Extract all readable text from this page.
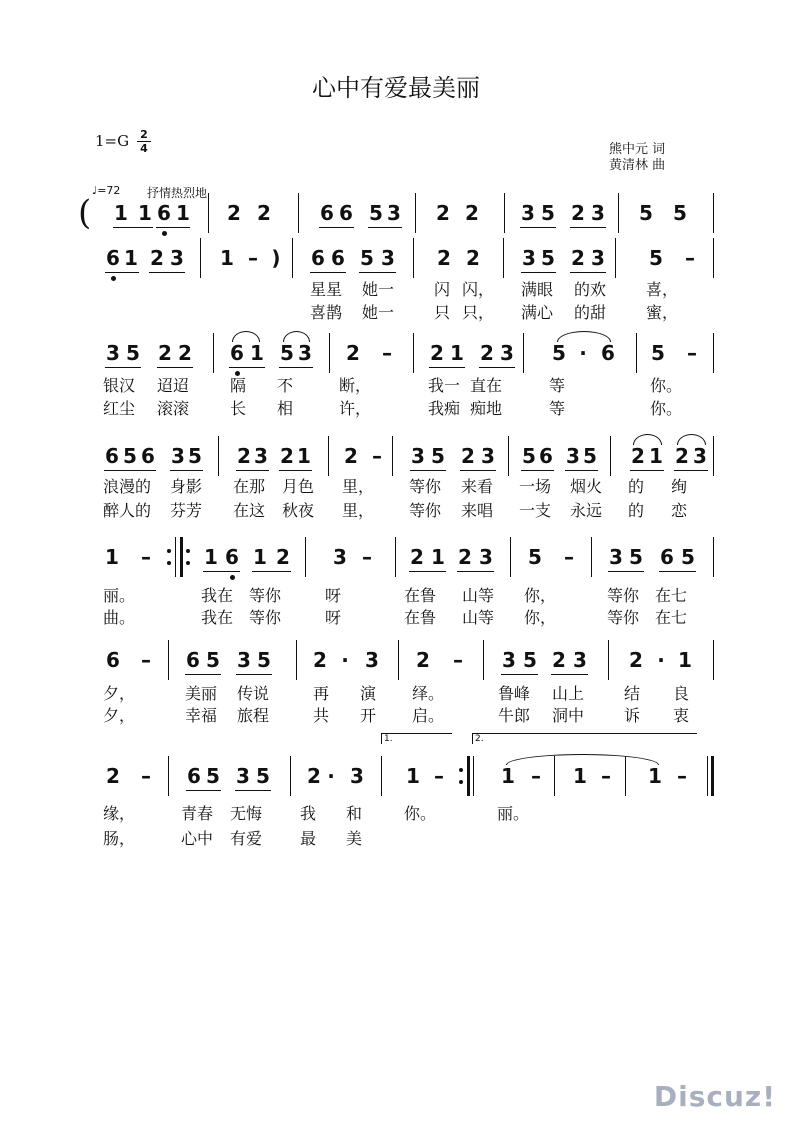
心中有爱最美丽
1=G 2
4	熊中元 词
黄清林 曲
♩=72 抒情热烈地
( 1 1 6 1 2 2 6 6 5 3 2 2 3 5 2 3 5 5
6 1 2 3 1 – ) 6 6 5 3 2 2 3 5 2 3 5 –
星星 她一 闪 闪， 满眼 的欢 喜，
喜鹊 她一 只 只， 满心 的甜 蜜，
3 5 2 2 6 1 5 3 2 – 2 1 2 3 5 · 6 5 –
银汉 迢迢	隔 不	断，	我一 直在	等	你。
红尘 滚滚	长 相	许，	我痴 痴地	等	你。
6 5 6 3 5 2 3 2 1 2 – 3 5 2 3 5 6 3 5 2 1 2 3
浪漫的 身影 在那 月色 里， 等你 来看 一场 烟火 的 绚
醉人的 芬芳 在这 秋夜 里， 等你 来唱 一支 永远 的 恋
1 –	1 6 1 2 3 – 2 1 2 3 5 – 3 5 6 5
丽。	我在 等你	呀	在鲁 山等 你，	等你 在七
曲。	我在 等你	呀	在鲁 山等 你，	等你 在七
6 – 6 5 3 5 2 · 3 2 – 3 5 2 3 2 · 1
夕，	美丽 传说	再 演 绎。	鲁峰 山上 结 良
夕，	幸福 旅程	共 开 启。	牛郎 洞中 诉 衷
1.	2.
2 – 6 5 3 5 2 · 3 1 –	1 – 1 – 1 –
缘，	青春 无悔 我 和	你。	丽。
肠，	心中 有爱 最 美
Discuz!
